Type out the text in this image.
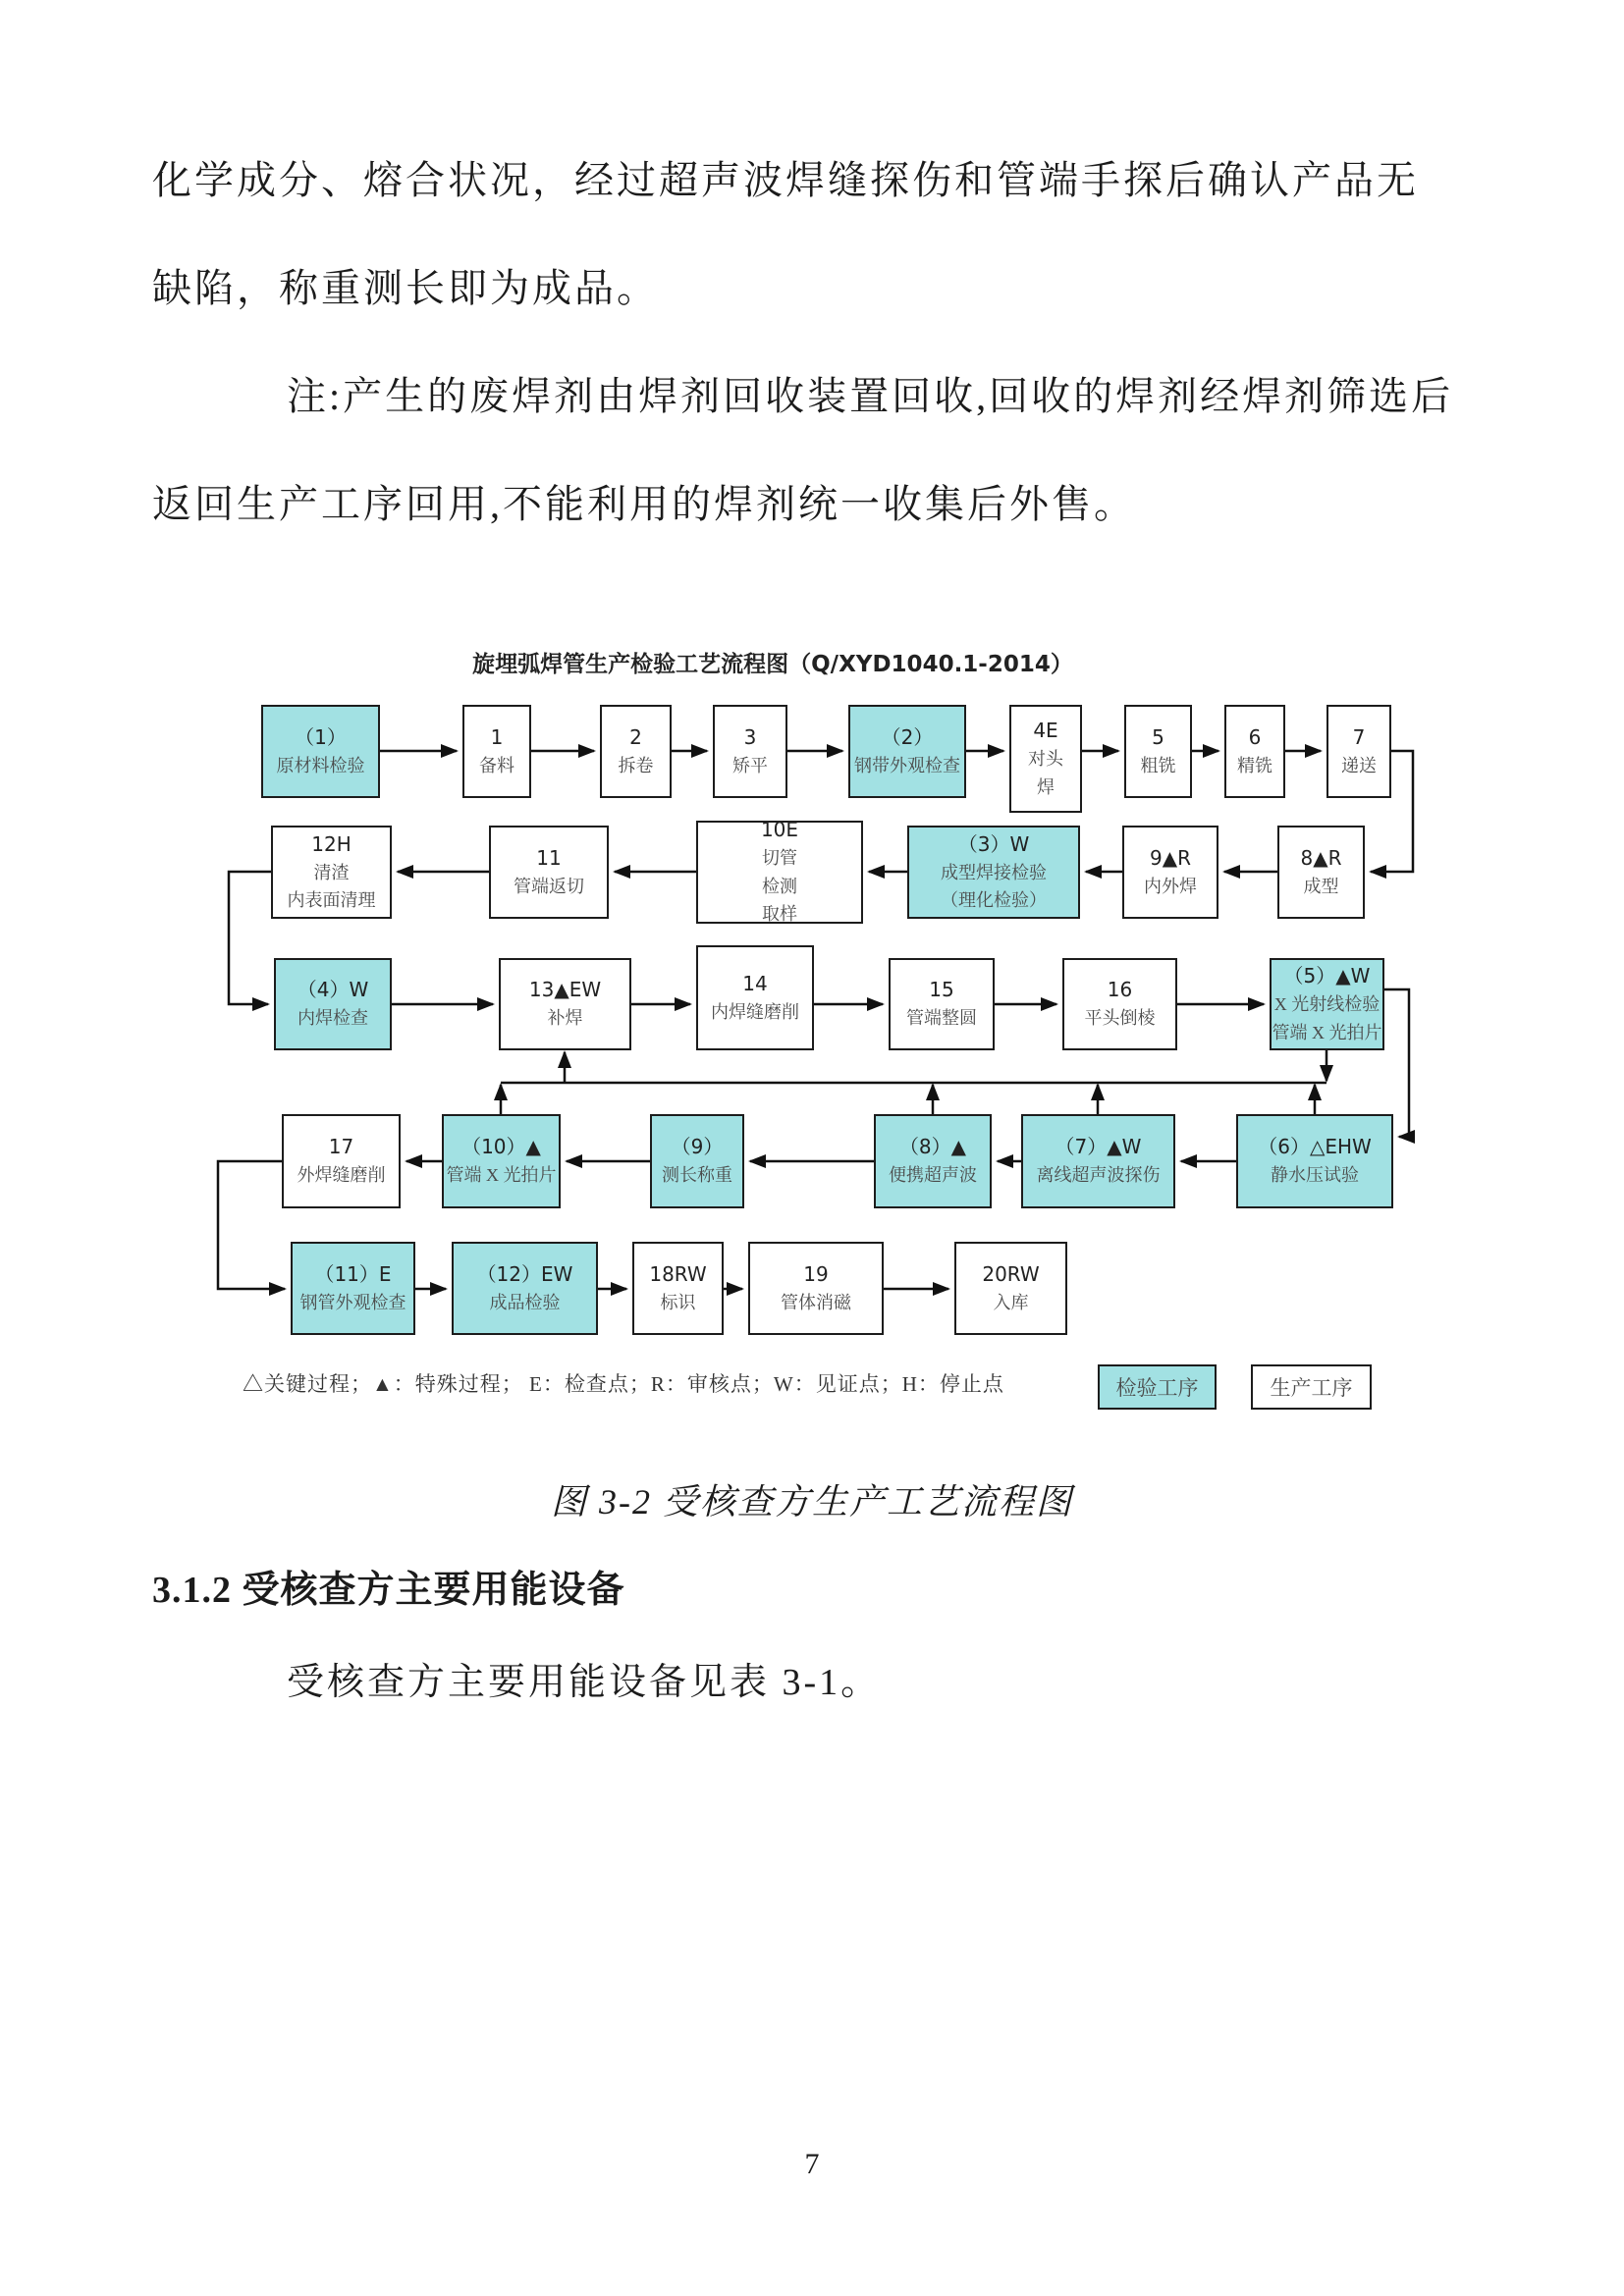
化学成分、熔合状况，经过超声波焊缝探伤和管端手探后确认产品无
缺陷，称重测长即为成品。
注:产生的废焊剂由焊剂回收装置回收,回收的焊剂经焊剂筛选后
返回生产工序回用,不能利用的焊剂统一收集后外售。
旋埋弧焊管生产检验工艺流程图（Q/XYD1040.1-2014）
（1）
原材料检验
1
备料
2
拆卷
3
矫平
（2）
钢带外观检查
4E
对头
焊
5
粗铣
6
精铣
7
递送
8▲R
成型
9▲R
内外焊
（3）W
成型焊接检验
（理化检验）
10E
切管
检测
取样
11
管端返切
12H
清渣
内表面清理
（4）W
内焊检查
13▲EW
补焊
14
内焊缝磨削
15
管端整圆
16
平头倒棱
（5）▲W
X 光射线检验
管端 X 光拍片
（6）△EHW
静水压试验
（7）▲W
离线超声波探伤
（8）▲
便携超声波
（9）
测长称重
（10）▲
管端 X 光拍片
17
外焊缝磨削
（11）E
钢管外观检查
（12）EW
成品检验
18RW
标识
19
管体消磁
20RW
入库
△关键过程；▲：特殊过程； E：检查点；R：审核点；W：见证点；H：停止点	检验工序	生产工序
图 3-2 受核查方生产工艺流程图
3.1.2 受核查方主要用能设备
受核查方主要用能设备见表 3-1。
7
